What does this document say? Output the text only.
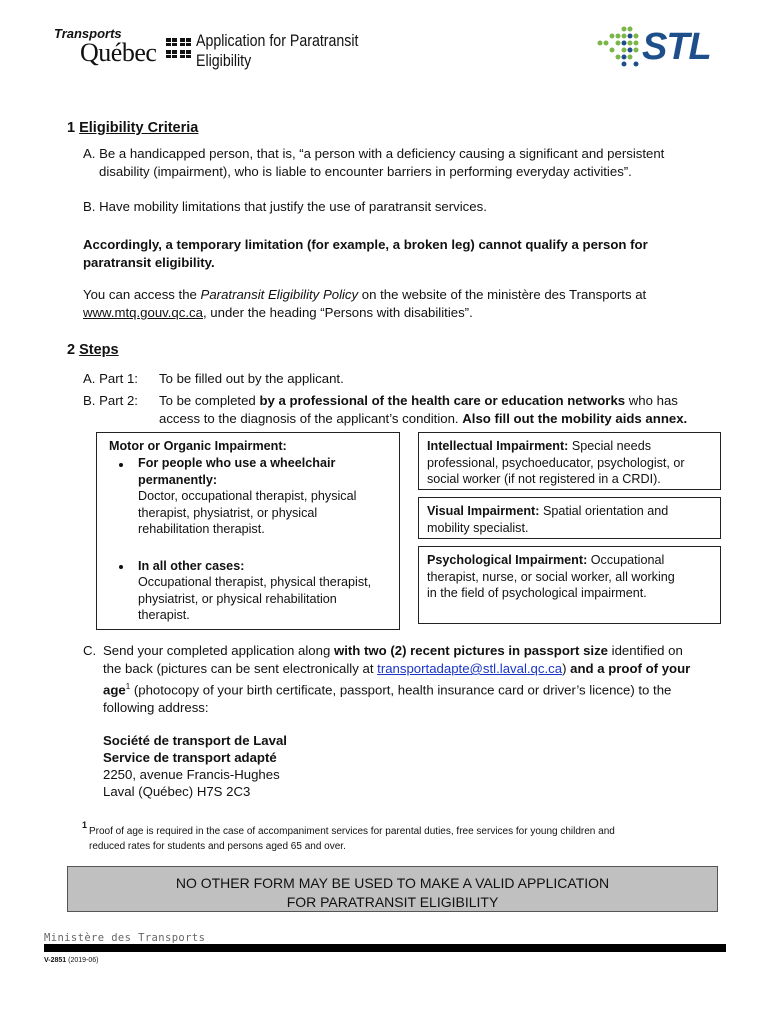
Transports
Québec Application for Paratransit
Eligibility	STL
1 Eligibility Criteria
A. Be a handicapped person, that is, “a person with a deficiency causing a significant and persistent
disability (impairment), who is liable to encounter barriers in performing everyday activities”.
B. Have mobility limitations that justify the use of paratransit services.
Accordingly, a temporary limitation (for example, a broken leg) cannot qualify a person for
paratransit eligibility.
You can access the Paratransit Eligibility Policy on the website of the ministère des Transports at
www.mtq.gouv.qc.ca, under the heading “Persons with disabilities”.
2 Steps
A. Part 1: To be filled out by the applicant.
B. Part 2: To be completed by a professional of the health care or education networks who has
access to the diagnosis of the applicant’s condition. Also fill out the mobility aids annex.
Motor or Organic Impairment:
For people who use a wheelchair
permanently:
Doctor, occupational therapist, physical
therapist, physiatrist, or physical
rehabilitation therapist.
In all other cases:
Occupational therapist, physical therapist,
physiatrist, or physical rehabilitation
therapist.
Intellectual Impairment: Special needs
professional, psychoeducator, psychologist, or
social worker (if not registered in a CRDI).
Visual Impairment: Spatial orientation and
mobility specialist.
Psychological Impairment: Occupational
therapist, nurse, or social worker, all working
in the field of psychological impairment.
C. Send your completed application along with two (2) recent pictures in passport size identified on
the back (pictures can be sent electronically at transportadapte@stl.laval.qc.ca) and a proof of your
age$^1$ (photocopy of your birth certificate, passport, health insurance card or driver’s licence) to the
following address:
Société de transport de Laval
Service de transport adapté
2250, avenue Francis-Hughes
Laval (Québec) H7S 2C3
1
Proof of age is required in the case of accompaniment services for parental duties, free services for young children and
reduced rates for students and persons aged 65 and over.
NO OTHER FORM MAY BE USED TO MAKE A VALID APPLICATION
FOR PARATRANSIT ELIGIBILITY
Ministère des Transports
V-2851 (2019-06)
